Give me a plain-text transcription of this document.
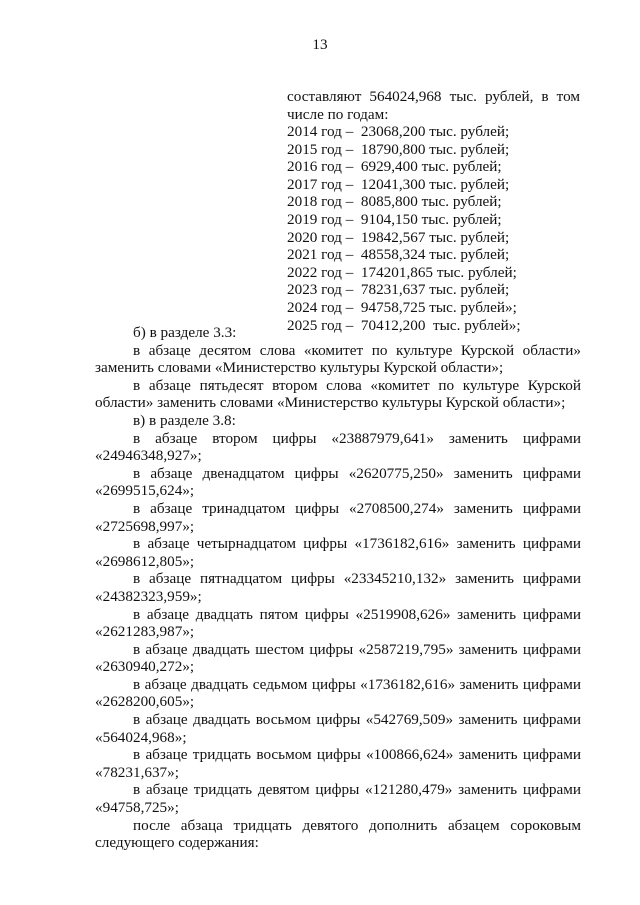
13
составляют 564024,968 тыс. рублей, в том
числе по годам:
2014 год –  23068,200 тыс. рублей;
2015 год –  18790,800 тыс. рублей;
2016 год –  6929,400 тыс. рублей;
2017 год –  12041,300 тыс. рублей;
2018 год –  8085,800 тыс. рублей;
2019 год –  9104,150 тыс. рублей;
2020 год –  19842,567 тыс. рублей;
2021 год –  48558,324 тыс. рублей;
2022 год –  174201,865 тыс. рублей;
2023 год –  78231,637 тыс. рублей;
2024 год –  94758,725 тыс. рублей»;
2025 год –  70412,200  тыс. рублей»;
б) в разделе 3.3:
в абзаце десятом слова «комитет по культуре Курской области»
заменить словами «Министерство культуры Курской области»;
в абзаце пятьдесят втором слова «комитет по культуре Курской
области» заменить словами «Министерство культуры Курской области»;
в) в разделе 3.8:
в абзаце втором цифры «23887979,641» заменить цифрами
«24946348,927»;
в абзаце двенадцатом цифры «2620775,250» заменить цифрами
«2699515,624»;
в абзаце тринадцатом цифры «2708500,274» заменить цифрами
«2725698,997»;
в абзаце четырнадцатом цифры «1736182,616» заменить цифрами
«2698612,805»;
в абзаце пятнадцатом цифры «23345210,132» заменить цифрами
«24382323,959»;
в абзаце двадцать пятом цифры «2519908,626» заменить цифрами
«2621283,987»;
в абзаце двадцать шестом цифры «2587219,795» заменить цифрами
«2630940,272»;
в абзаце двадцать седьмом цифры «1736182,616» заменить цифрами
«2628200,605»;
в абзаце двадцать восьмом цифры «542769,509» заменить цифрами
«564024,968»;
в абзаце тридцать восьмом цифры «100866,624» заменить цифрами
«78231,637»;
в абзаце тридцать девятом цифры «121280,479» заменить цифрами
«94758,725»;
после абзаца тридцать девятого дополнить абзацем сороковым
следующего содержания:
